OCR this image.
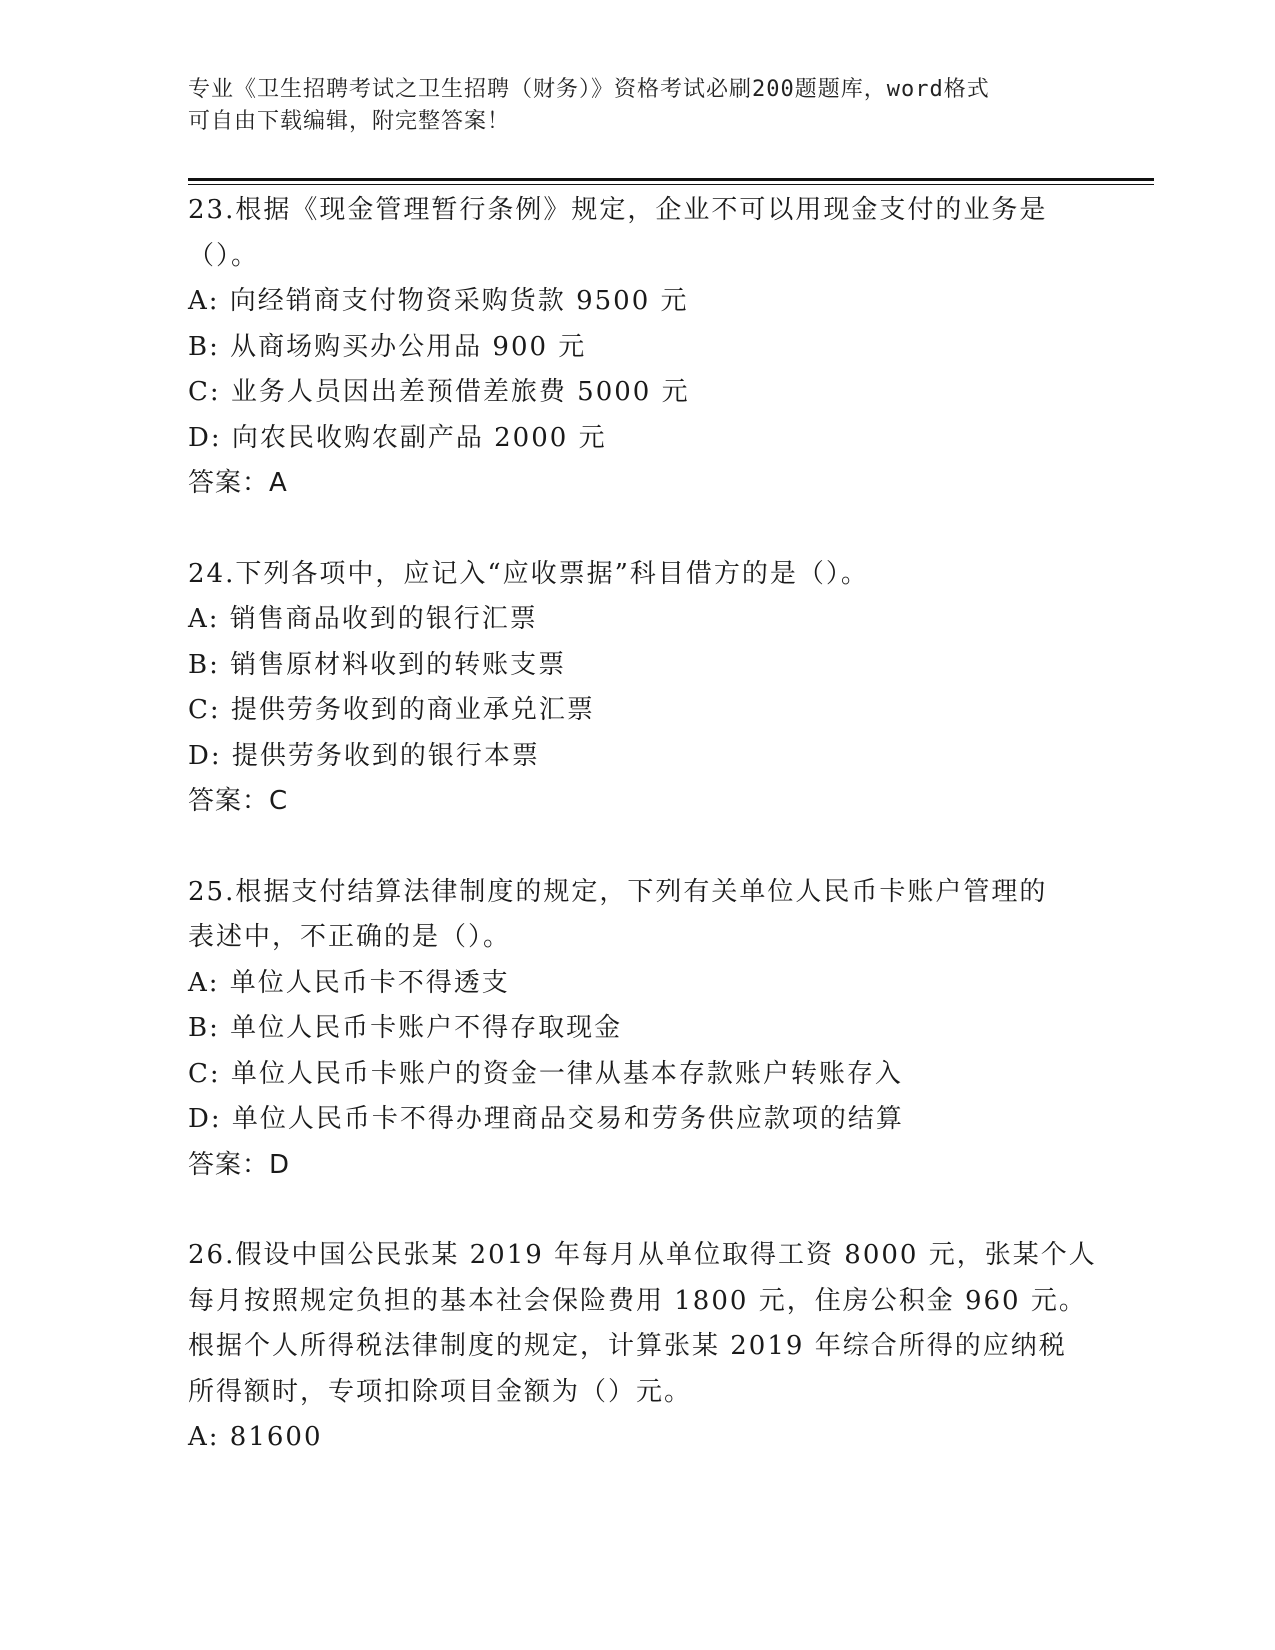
专业《卫生招聘考试之卫生招聘（财务）》资格考试必刷200题题库，word格式
可自由下载编辑，附完整答案！
23.根据《现金管理暂行条例》规定，企业不可以用现金支付的业务是
（）。
A: 向经销商支付物资采购货款 9500 元
B: 从商场购买办公用品 900 元
C: 业务人员因出差预借差旅费 5000 元
D: 向农民收购农副产品 2000 元
答案：A
24.下列各项中，应记入“应收票据”科目借方的是（）。
A: 销售商品收到的银行汇票
B: 销售原材料收到的转账支票
C: 提供劳务收到的商业承兑汇票
D: 提供劳务收到的银行本票
答案：C
25.根据支付结算法律制度的规定，下列有关单位人民币卡账户管理的
表述中，不正确的是（）。
A: 单位人民币卡不得透支
B: 单位人民币卡账户不得存取现金
C: 单位人民币卡账户的资金一律从基本存款账户转账存入
D: 单位人民币卡不得办理商品交易和劳务供应款项的结算
答案：D
26.假设中国公民张某 2019 年每月从单位取得工资 8000 元，张某个人
每月按照规定负担的基本社会保险费用 1800 元，住房公积金 960 元。
根据个人所得税法律制度的规定，计算张某 2019 年综合所得的应纳税
所得额时，专项扣除项目金额为（）元。
A: 81600
